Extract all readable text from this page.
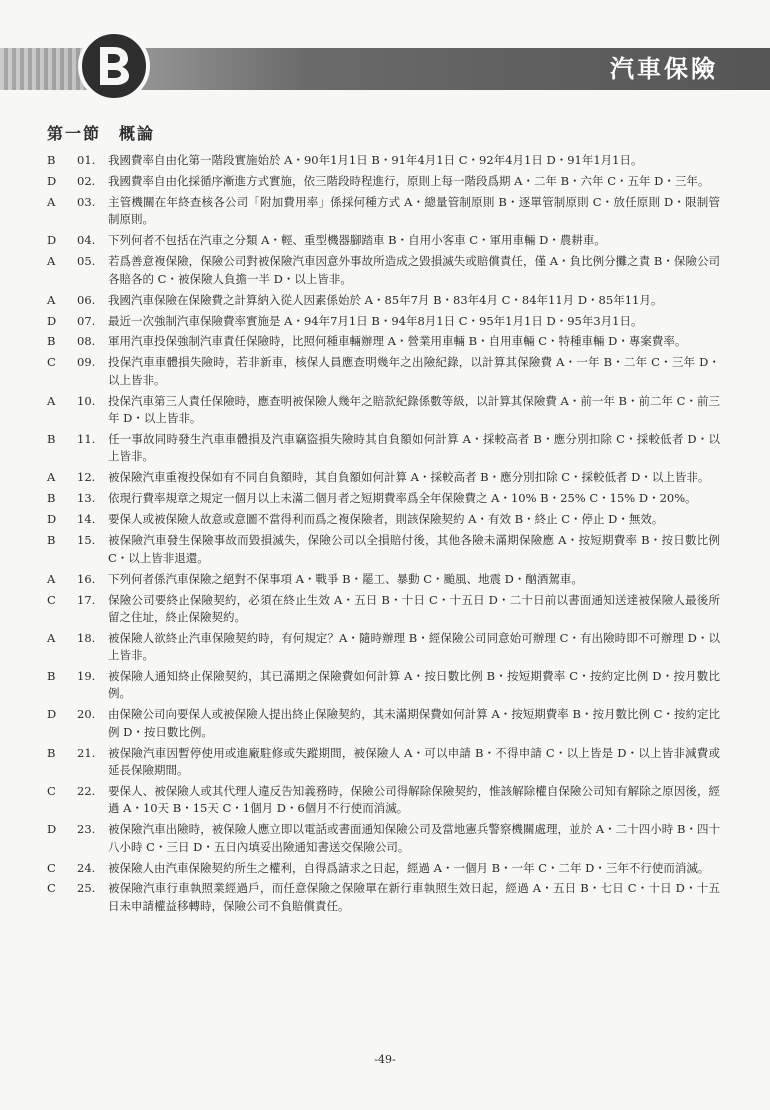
汽車保險
第一節 概論
B 01. 我國費率自由化第一階段實施始於 A・90年1月1日 B・91年4月1日 C・92年4月1日 D・91年1月1日。
D 02. 我國費率自由化採循序漸進方式實施，依三階段時程進行，原則上每一階段爲期 A・二年 B・六年 C・五年 D・三年。
A 03. 主管機關在年終查核各公司「附加費用率」係採何種方式 A・總量管制原則 B・逐單管制原則 C・放任原則 D・限制管制原則。
D 04. 下列何者不包括在汽車之分類 A・輕、重型機器腳踏車 B・自用小客車 C・軍用車輛 D・農耕車。
A 05. 若爲善意複保險，保險公司對被保險汽車因意外事故所造成之毀損滅失或賠償責任，僅 A・負比例分攤之責 B・保險公司各賠各的 C・被保險人負擔一半 D・以上皆非。
A 06. 我國汽車保險在保險費之計算納入從人因素係始於 A・85年7月 B・83年4月 C・84年11月 D・85年11月。
D 07. 最近一次強制汽車保險費率實施是 A・94年7月1日 B・94年8月1日 C・95年1月1日 D・95年3月1日。
B 08. 軍用汽車投保強制汽車責任保險時，比照何種車輛辦理 A・營業用車輛 B・自用車輛 C・特種車輛 D・專案費率。
C 09. 投保汽車車體損失險時，若非新車，核保人員應查明幾年之出險紀錄，以計算其保險費 A・一年 B・二年 C・三年 D・以上皆非。
A 10. 投保汽車第三人責任保險時，應查明被保險人幾年之賠款紀錄係數等級，以計算其保險費 A・前一年 B・前二年 C・前三年 D・以上皆非。
B 11. 任一事故同時發生汽車車體損及汽車竊盜損失險時其自負額如何計算 A・採較高者 B・應分別扣除 C・採較低者 D・以上皆非。
A 12. 被保險汽車重複投保如有不同自負額時，其自負額如何計算 A・採較高者 B・應分別扣除 C・採較低者 D・以上皆非。
B 13. 依現行費率規章之規定一個月以上未滿二個月者之短期費率爲全年保險費之 A・10% B・25% C・15% D・20%。
D 14. 要保人或被保險人故意或意圖不當得利而爲之複保險者，則該保險契約 A・有效 B・終止 C・停止 D・無效。
B 15. 被保險汽車發生保險事故而毀損滅失，保險公司以全損賠付後，其他各險未滿期保險應 A・按短期費率 B・按日數比例 C・以上皆非退還。
A 16. 下列何者係汽車保險之絕對不保事項 A・戰爭 B・罷工、暴動 C・颱風、地震 D・酗酒駕車。
C 17. 保險公司要終止保險契約，必須在終止生效 A・五日 B・十日 C・十五日 D・二十日前以書面通知送達被保險人最後所留之住址，終止保險契約。
A 18. 被保險人欲終止汽車保險契約時，有何規定？A・隨時辦理 B・經保險公司同意始可辦理 C・有出險時即不可辦理 D・以上皆非。
B 19. 被保險人通知終止保險契約，其已滿期之保險費如何計算 A・按日數比例 B・按短期費率 C・按約定比例 D・按月數比例。
D 20. 由保險公司向要保人或被保險人提出終止保險契約，其未滿期保費如何計算 A・按短期費率 B・按月數比例 C・按約定比例 D・按日數比例。
B 21. 被保險汽車因暫停使用或進廠駐修或失蹤期間，被保險人 A・可以申請 B・不得申請 C・以上皆是 D・以上皆非減費或延長保險期間。
C 22. 要保人、被保險人或其代理人違反告知義務時，保險公司得解除保險契約，惟該解除權自保險公司知有解除之原因後，經過 A・10天 B・15天 C・1個月 D・6個月不行使而消滅。
D 23. 被保險汽車出險時，被保險人應立即以電話或書面通知保險公司及當地憲兵警察機關處理，並於 A・二十四小時 B・四十八小時 C・三日 D・五日內填妥出險通知書送交保險公司。
C 24. 被保險人由汽車保險契約所生之權利，自得爲請求之日起，經過 A・一個月 B・一年 C・二年 D・三年不行使而消滅。
C 25. 被保險汽車行車執照業經過戶，而任意保險之保險單在新行車執照生效日起，經過 A・五日 B・七日 C・十日 D・十五日未申請權益移轉時，保險公司不負賠償責任。
-49-
